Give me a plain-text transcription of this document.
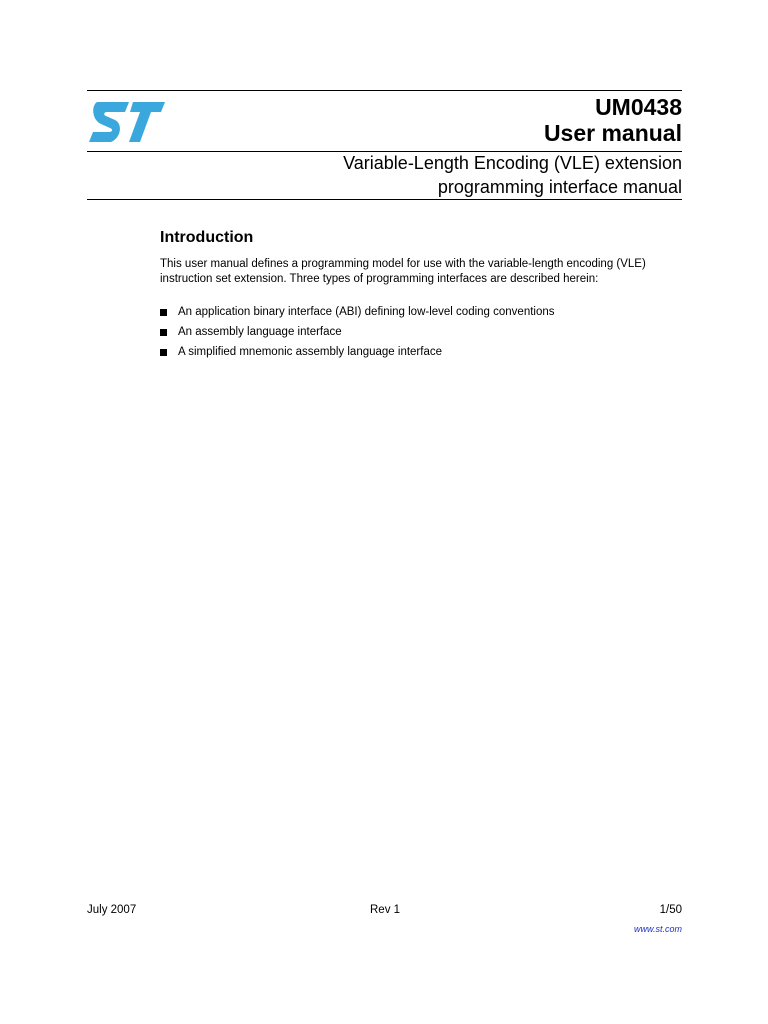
UM0438
User manual
Variable-Length Encoding (VLE) extension
programming interface manual
Introduction

This user manual defines a programming model for use with the variable-length encoding (VLE) instruction set extension. Three types of programming interfaces are described herein:

An application binary interface (ABI) defining low-level coding conventions
An assembly language interface
A simplified mnemonic assembly language interface
July 2007	Rev 1	1/50
www.st.com
